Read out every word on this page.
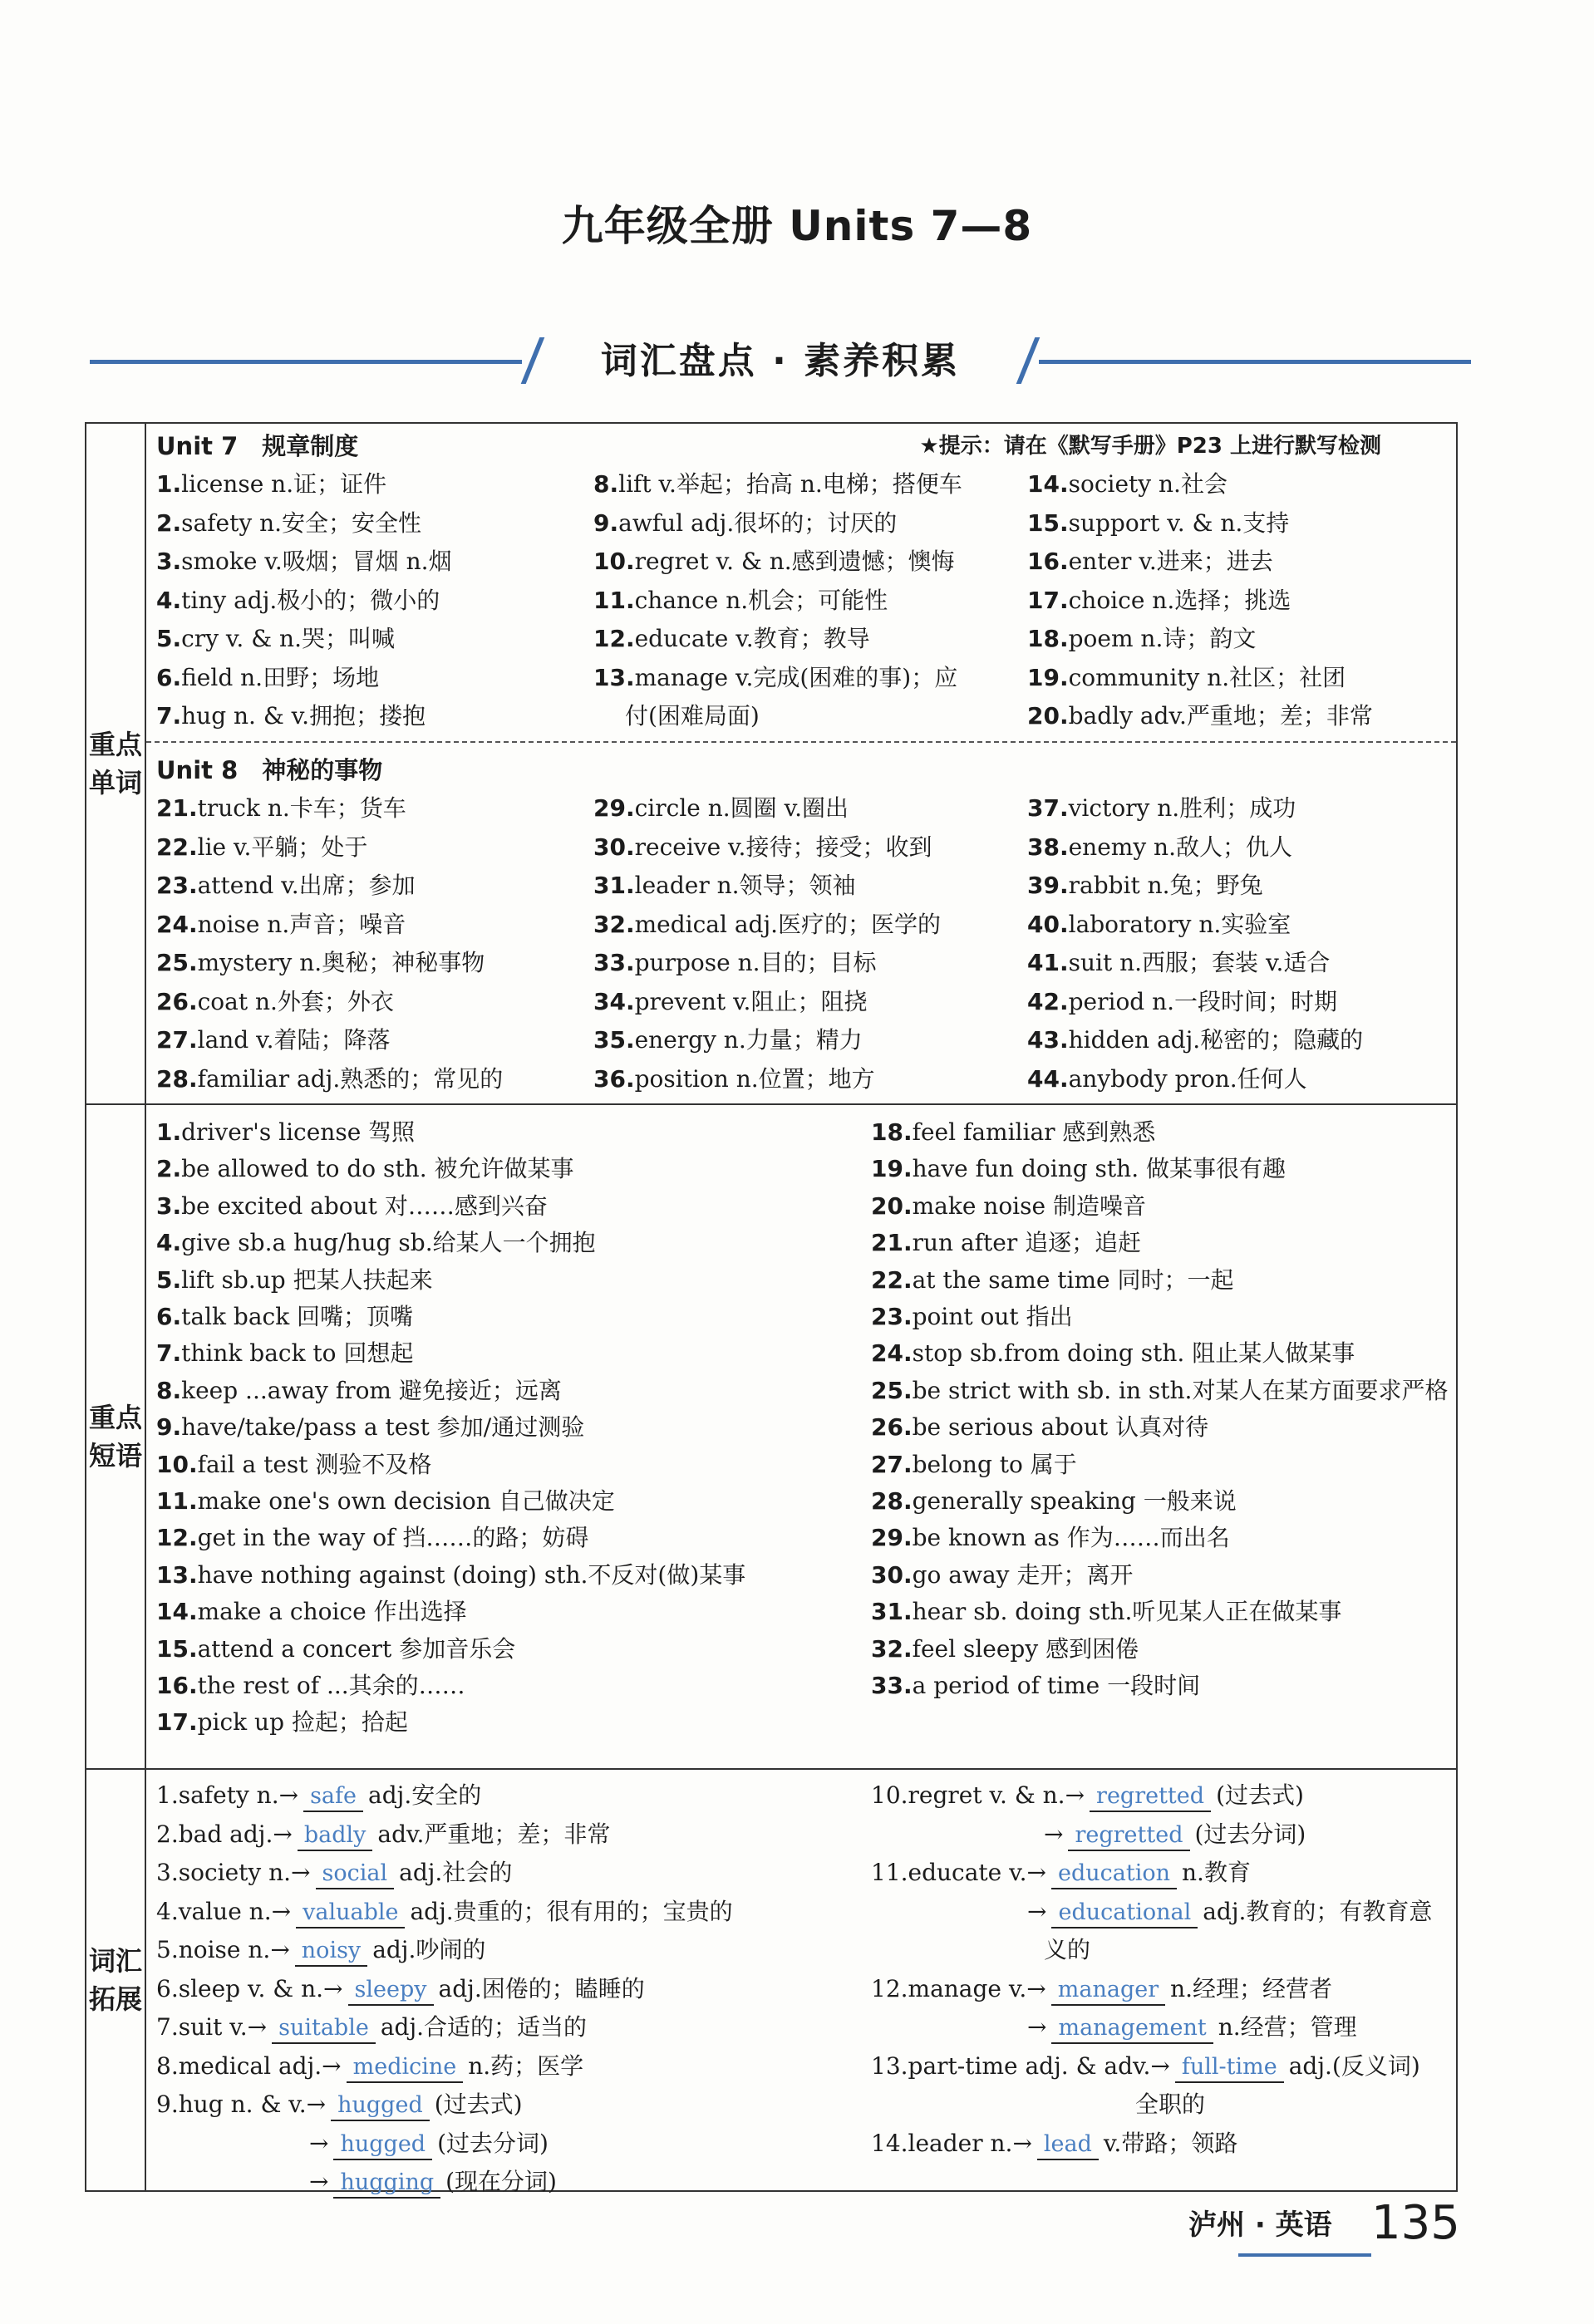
九年级全册 Units 7—8
词汇盘点 · 素养积累
重点单词
Unit 7　规章制度	★提示：请在《默写手册》P23 上进行默写检测
1.license n.证；证件
2.safety n.安全；安全性
3.smoke v.吸烟；冒烟 n.烟
4.tiny adj.极小的；微小的
5.cry v. & n.哭；叫喊
6.field n.田野；场地
7.hug n. & v.拥抱；搂抱
8.lift v.举起；抬高 n.电梯；搭便车
9.awful adj.很坏的；讨厌的
10.regret v. & n.感到遗憾；懊悔
11.chance n.机会；可能性
12.educate v.教育；教导
13.manage v.完成(困难的事)；应
付(困难局面)
14.society n.社会
15.support v. & n.支持
16.enter v.进来；进去
17.choice n.选择；挑选
18.poem n.诗；韵文
19.community n.社区；社团
20.badly adv.严重地；差；非常
21.truck n.卡车；货车
22.lie v.平躺；处于
23.attend v.出席；参加
24.noise n.声音；噪音
25.mystery n.奥秘；神秘事物
26.coat n.外套；外衣
27.land v.着陆；降落
28.familiar adj.熟悉的；常见的
29.circle n.圆圈 v.圈出
30.receive v.接待；接受；收到
31.leader n.领导；领袖
32.medical adj.医疗的；医学的
33.purpose n.目的；目标
34.prevent v.阻止；阻挠
35.energy n.力量；精力
36.position n.位置；地方
37.victory n.胜利；成功
38.enemy n.敌人；仇人
39.rabbit n.兔；野兔
40.laboratory n.实验室
41.suit n.西服；套装 v.适合
42.period n.一段时间；时期
43.hidden adj.秘密的；隐藏的
44.anybody pron.任何人
Unit 8　神秘的事物
重点短语
1.driver's license 驾照
2.be allowed to do sth. 被允许做某事
3.be excited about 对……感到兴奋
4.give sb.a hug/hug sb.给某人一个拥抱
5.lift sb.up 把某人扶起来
6.talk back 回嘴；顶嘴
7.think back to 回想起
8.keep ...away from 避免接近；远离
9.have/take/pass a test 参加/通过测验
10.fail a test 测验不及格
11.make one's own decision 自己做决定
12.get in the way of 挡……的路；妨碍
13.have nothing against (doing) sth.不反对(做)某事
14.make a choice 作出选择
15.attend a concert 参加音乐会
16.the rest of ...其余的……
17.pick up 捡起；拾起
18.feel familiar 感到熟悉
19.have fun doing sth. 做某事很有趣
20.make noise 制造噪音
21.run after 追逐；追赶
22.at the same time 同时；一起
23.point out 指出
24.stop sb.from doing sth. 阻止某人做某事
25.be strict with sb. in sth.对某人在某方面要求严格
26.be serious about 认真对待
27.belong to 属于
28.generally speaking 一般来说
29.be known as 作为……而出名
30.go away 走开；离开
31.hear sb. doing sth.听见某人正在做某事
32.feel sleepy 感到困倦
33.a period of time 一段时间
词汇拓展
1.safety n.→ safe adj.安全的
2.bad adj.→ badly adv.严重地；差；非常
3.society n.→ social adj.社会的
4.value n.→ valuable adj.贵重的；很有用的；宝贵的
5.noise n.→ noisy adj.吵闹的
6.sleep v. & n.→ sleepy adj.困倦的；瞌睡的
7.suit v.→ suitable adj.合适的；适当的
8.medical adj.→ medicine n.药；医学
9.hug n. & v.→ hugged (过去式)
→ hugged (过去分词)
→ hugging (现在分词)
10.regret v. & n.→ regretted (过去式)
→ regretted (过去分词)
11.educate v.→ education n.教育
→ educational adj.教育的；有教育意
义的
12.manage v.→ manager n.经理；经营者
→ management n.经营；管理
13.part-time adj. & adv.→ full-time adj.(反义词)
全职的
14.leader n.→ lead v.带路；领路
泸州 · 英语 135
